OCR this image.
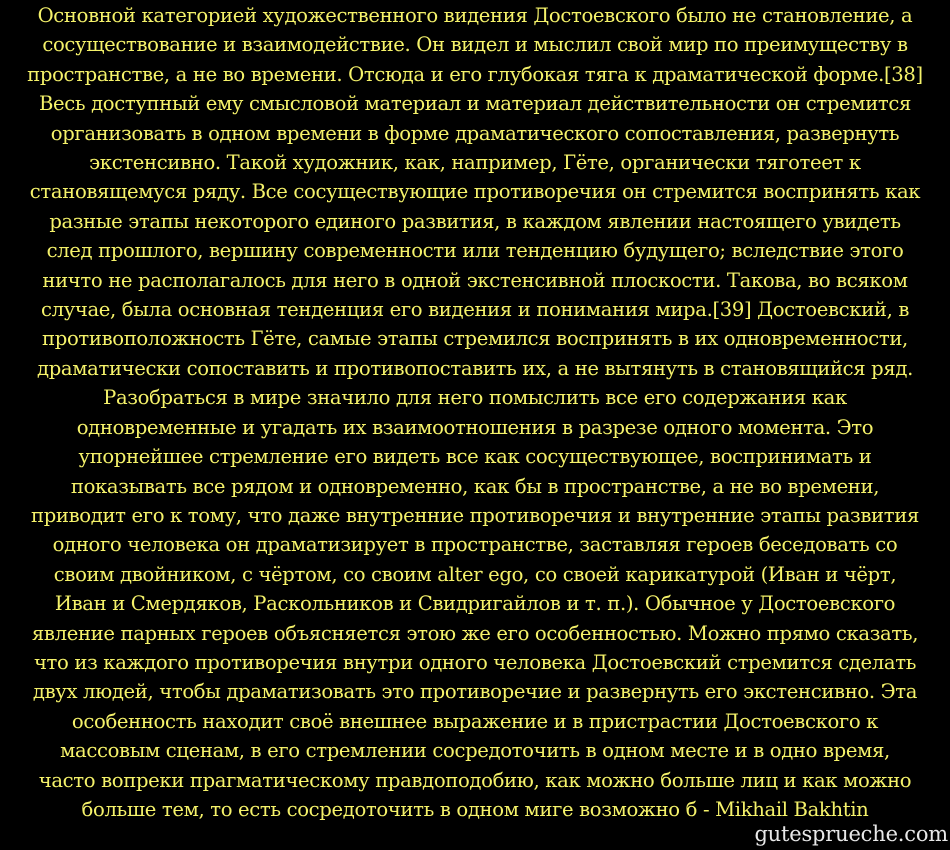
Основной категорией художественного видения Достоевского было не становление, а
сосуществование и взаимодействие. Он видел и мыслил свой мир по преимуществу в
пространстве, а не во времени. Отсюда и его глубокая тяга к драматической форме.[38]
Весь доступный ему смысловой материал и материал действительности он стремится
организовать в одном времени в форме драматического сопоставления, развернуть
экстенсивно. Такой художник, как, например, Гёте, органически тяготеет к
становящемуся ряду. Все сосуществующие противоречия он стремится воспринять как
разные этапы некоторого единого развития, в каждом явлении настоящего увидеть
след прошлого, вершину современности или тенденцию будущего; вследствие этого
ничто не располагалось для него в одной экстенсивной плоскости. Такова, во всяком
случае, была основная тенденция его видения и понимания мира.[39] Достоевский, в
противоположность Гёте, самые этапы стремился воспринять в их одновременности,
драматически сопоставить и противопоставить их, а не вытянуть в становящийся ряд.
Разобраться в мире значило для него помыслить все его содержания как
одновременные и угадать их взаимоотношения в разрезе одного момента. Это
упорнейшее стремление его видеть все как сосуществующее, воспринимать и
показывать все рядом и одновременно, как бы в пространстве, а не во времени,
приводит его к тому, что даже внутренние противоречия и внутренние этапы развития
одного человека он драматизирует в пространстве, заставляя героев беседовать со
своим двойником, с чёртом, со своим alter ego, со своей карикатурой (Иван и чёрт,
Иван и Смердяков, Раскольников и Свидригайлов и т. п.). Обычное у Достоевского
явление парных героев объясняется этою же его особенностью. Можно прямо сказать,
что из каждого противоречия внутри одного человека Достоевский стремится сделать
двух людей, чтобы драматизовать это противоречие и развернуть его экстенсивно. Эта
особенность находит своё внешнее выражение и в пристрастии Достоевского к
массовым сценам, в его стремлении сосредоточить в одном месте и в одно время,
часто вопреки прагматическому правдоподобию, как можно больше лиц и как можно
больше тем, то есть сосредоточить в одном миге возможно б - Mikhail Bakhtin
gutesprueche.com
